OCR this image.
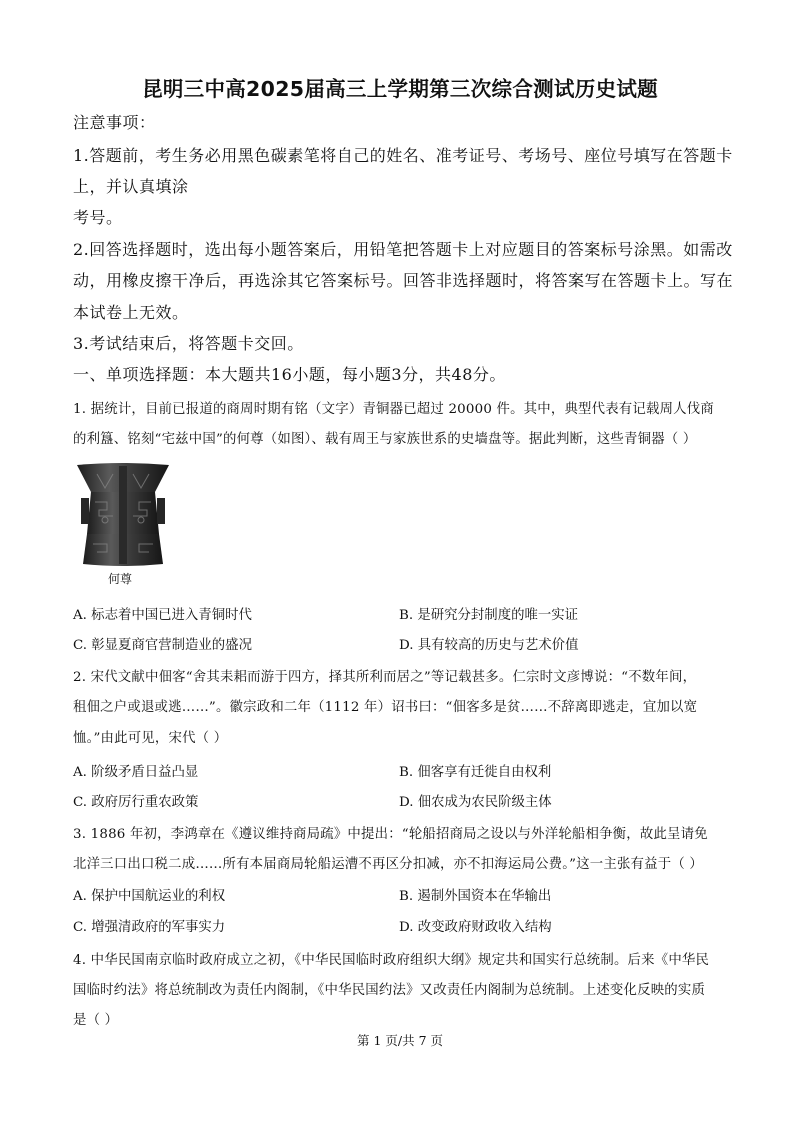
昆明三中高2025届高三上学期第三次综合测试历史试题
注意事项：
1.答题前，考生务必用黑色碳素笔将自己的姓名、准考证号、考场号、座位号填写在答题卡
上，并认真填涂
考号。
2.回答选择题时，选出每小题答案后，用铅笔把答题卡上对应题目的答案标号涂黑。如需改
动，用橡皮擦干净后，再选涂其它答案标号。回答非选择题时，将答案写在答题卡上。写在
本试卷上无效。
3.考试结束后，将答题卡交回。
一、单项选择题：本大题共16小题，每小题3分，共48分。
1. 据统计，目前已报道的商周时期有铭（文字）青铜器已超过 20000 件。其中，典型代表有记载周人伐商
的利簋、铭刻“宅兹中国”的何尊（如图）、载有周王与家族世系的史墙盘等。据此判断，这些青铜器（ ）
何尊
A. 标志着中国已进入青铜时代	B. 是研究分封制度的唯一实证
C. 彰显夏商官营制造业的盛况	D. 具有较高的历史与艺术价值
2. 宋代文献中佃客“舍其耒耜而游于四方，择其所利而居之”等记载甚多。仁宗时文彦博说：“不数年间，
租佃之户或退或逃……”。徽宗政和二年（1112 年）诏书曰：“佃客多是贫……不辞离即逃走，宜加以宽
恤。”由此可见，宋代（ ）
A. 阶级矛盾日益凸显	B. 佃客享有迁徙自由权利
C. 政府厉行重农政策	D. 佃农成为农民阶级主体
3. 1886 年初，李鸿章在《遵议维持商局疏》中提出：“轮船招商局之设以与外洋轮船相争衡，故此呈请免
北洋三口出口税二成……所有本届商局轮船运漕不再区分扣减，亦不扣海运局公费。”这一主张有益于（ ）
A. 保护中国航运业的利权	B. 遏制外国资本在华输出
C. 增强清政府的军事实力	D. 改变政府财政收入结构
4. 中华民国南京临时政府成立之初，《中华民国临时政府组织大纲》规定共和国实行总统制。后来《中华民
国临时约法》将总统制改为责任内阁制，《中华民国约法》又改责任内阁制为总统制。上述变化反映的实质
是（ ）
第 1 页/共 7 页
